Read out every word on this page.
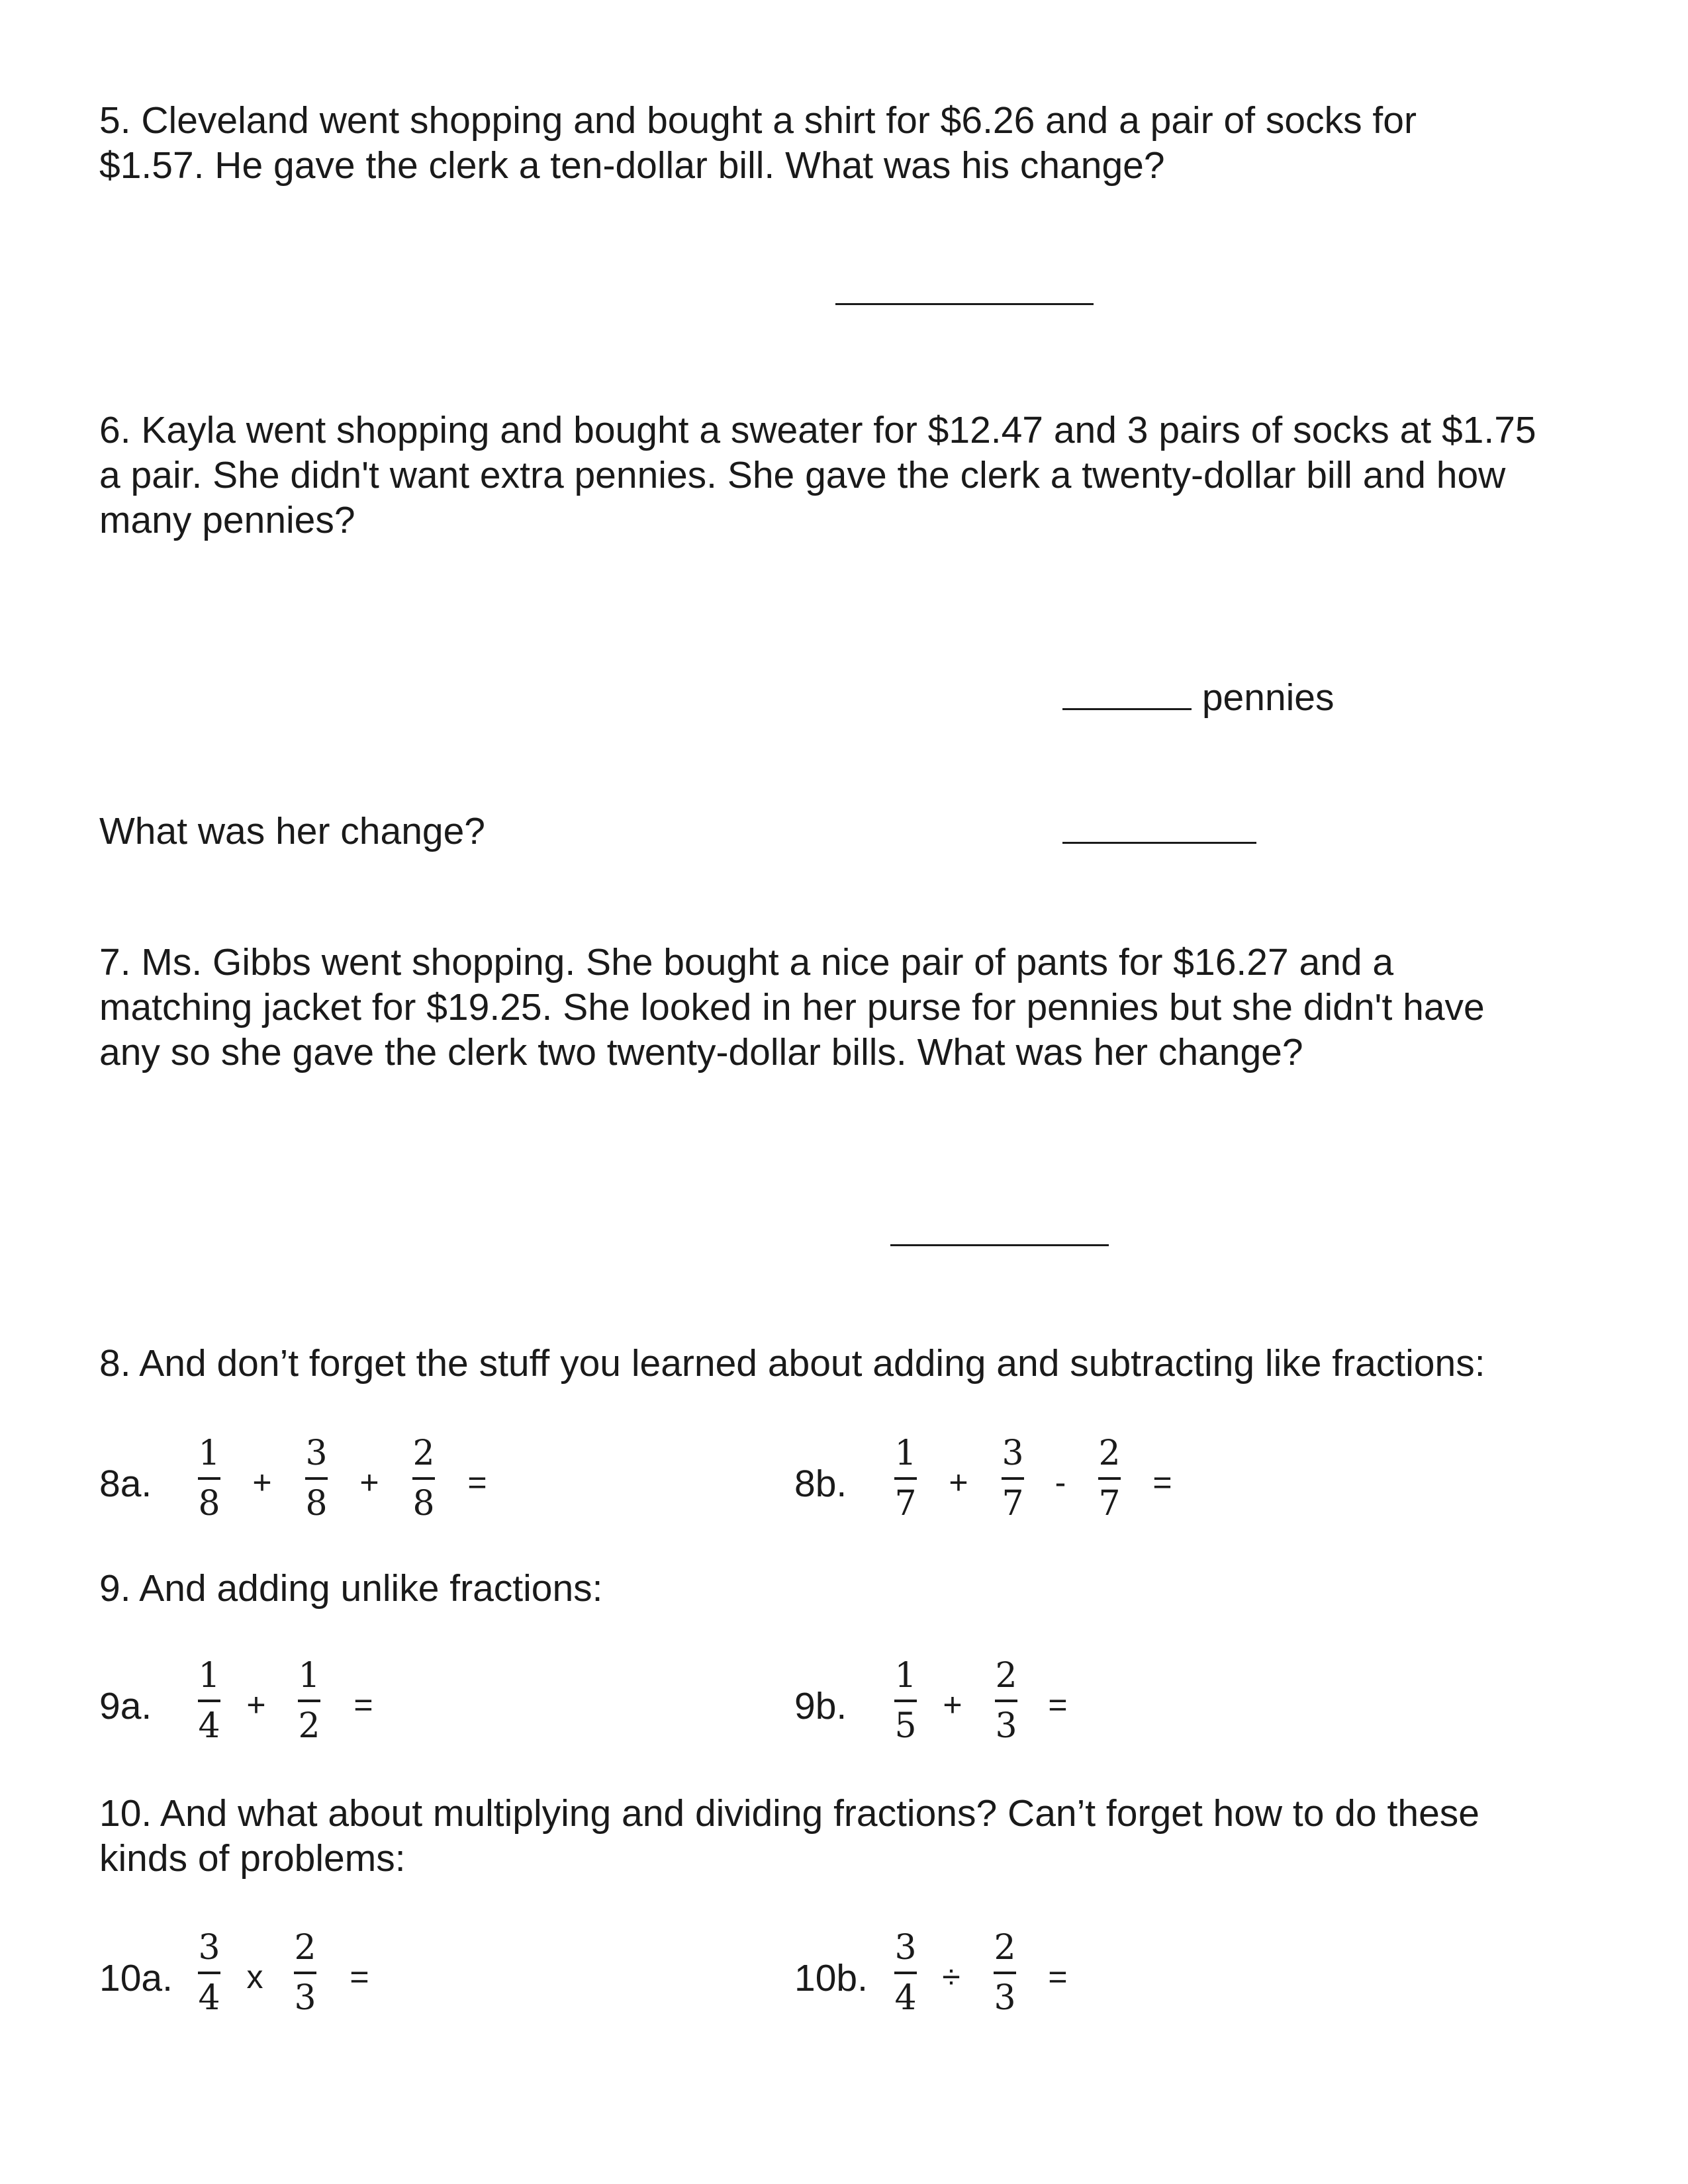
5. Cleveland went shopping and bought a shirt for $6.26 and a pair of socks for
$1.57. He gave the clerk a ten-dollar bill. What was his change?

6. Kayla went shopping and bought a sweater for $12.47 and 3 pairs of socks at $1.75
a pair. She didn't want extra pennies. She gave the clerk a twenty-dollar bill and how
many pennies?

pennies
What was her change?

7. Ms. Gibbs went shopping. She bought a nice pair of pants for $16.27 and a
matching jacket for $19.25. She looked in her purse for pennies but she didn't have
any so she gave the clerk two twenty-dollar bills. What was her change?

8. And don’t forget the stuff you learned about adding and subtracting like fractions:

8a.
1
8
+
3
8
+
2
8
=	8b.
1
7
+
3
7
-
2
7
=

9. And adding unlike fractions:

9a.
1
4
+
1
2
=	9b.
1
5
+
2
3
=

10. And what about multiplying and dividing fractions? Can’t forget how to do these
kinds of problems:

10a.
3
4
x
2
3
=	10b.
3
4
÷
2
3
=
